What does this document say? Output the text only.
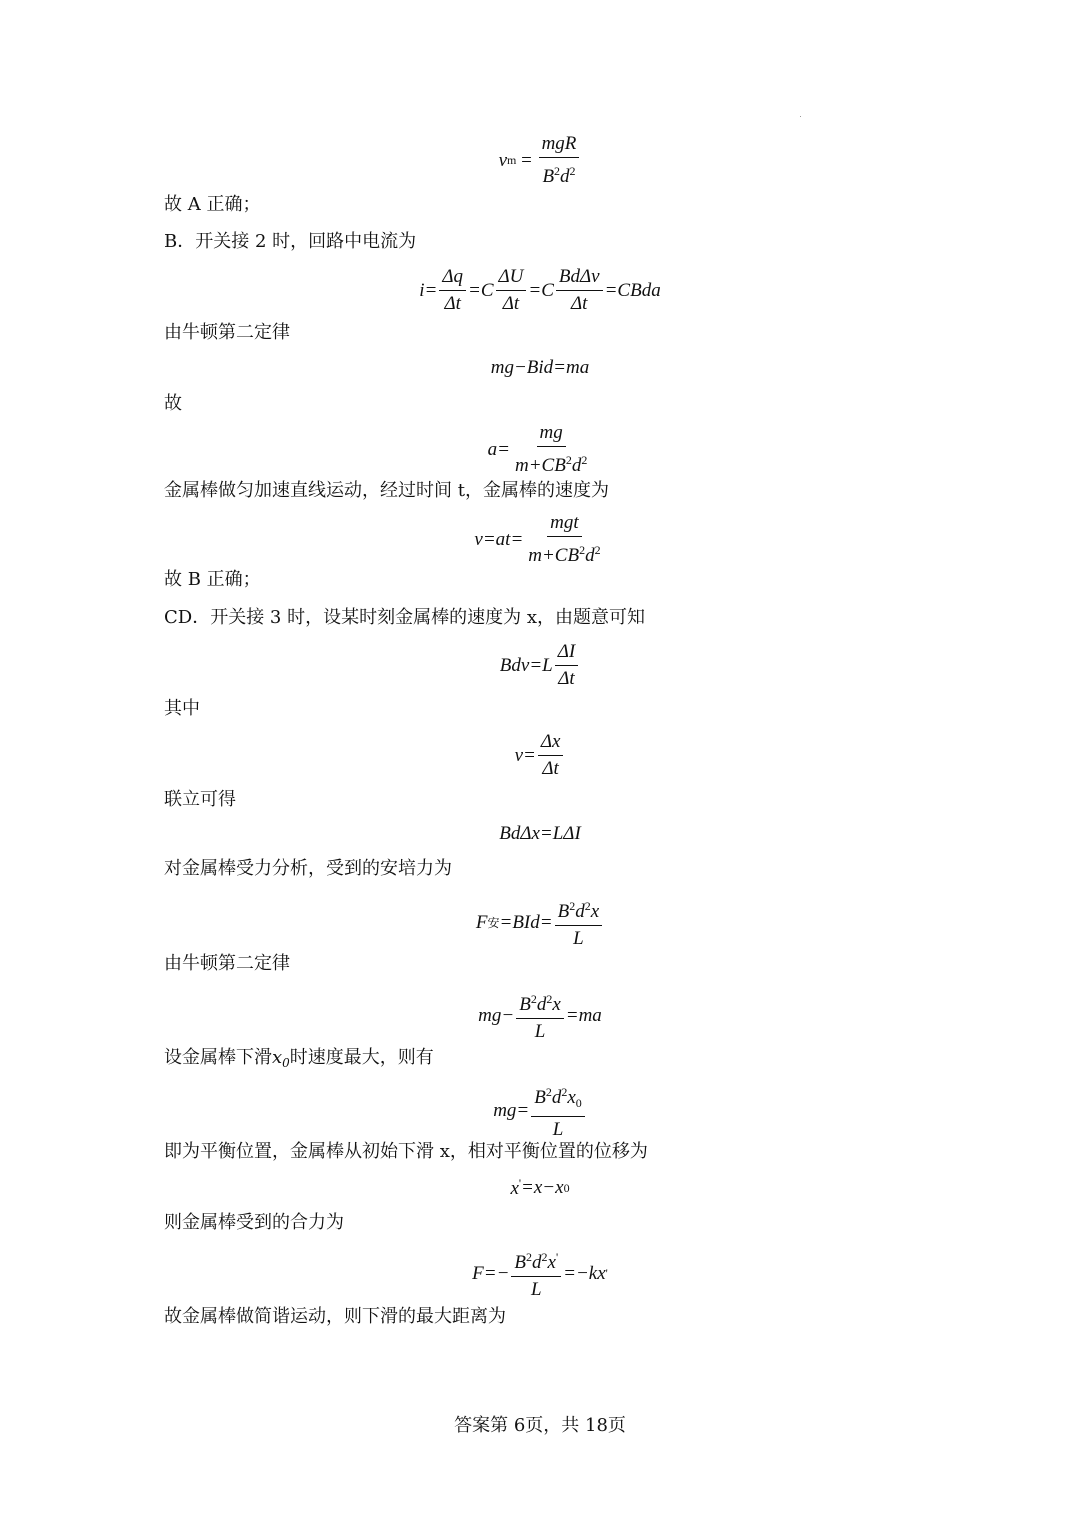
v $m = \frac{\text{mgR}}{B^2d^2}$
故 A 正确；
B．开关接 2 时，回路中电流为
$i= \frac{\Delta q}{\Delta t} =C \frac{\Delta U}{\Delta t} =C \frac{\text{BdΔv}}{\Delta t}$ =CBda
由牛顿第二定律
mg−Bid=ma
故
$a= \frac{mg}{m+CB^2d^2}$
金属棒做匀加速直线运动，经过时间 t，金属棒的速度为
$v=at= \frac{\text{mgt}}{m+CB^2d^2}$
故 B 正确；
CD．开关接 3 时，设某时刻金属棒的速度为 x，由题意可知
$Bdv=L \frac{\Delta I}{\Delta t}$
其中
$v= \frac{\Delta x}{\Delta t}$
联立可得
BdΔx=LΔI
对金属棒受力分析，受到的安培力为
F 安 $=BId= \frac{B^2d^2x}{L}$
由牛顿第二定律
$mg- \frac{B^2d^2x}{L} =ma$
设金属棒下滑$x_0$时速度最大，则有
$mg= \frac{B^2d^2x_0}{L}$
即为平衡位置，金属棒从初始下滑 x，相对平衡位置的位移为
x' =x−x 0
则金属棒受到的合力为
$F=- \frac{B^2d^2x'}{L} =-kx$ '
故金属棒做简谐运动，则下滑的最大距离为
答案第 6页，共 18页
